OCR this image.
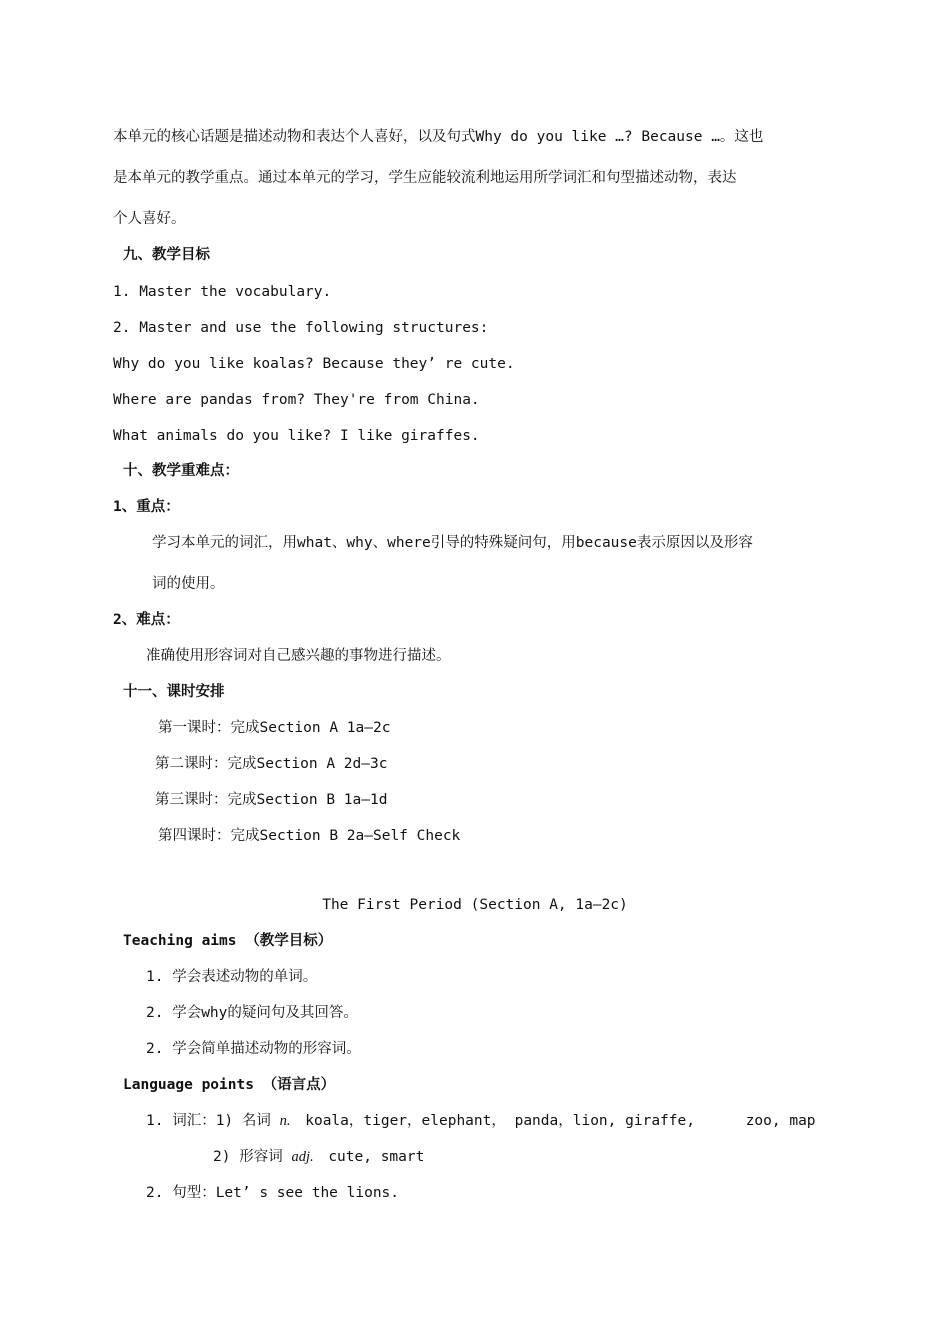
本单元的核心话题是描述动物和表达个人喜好，以及句式Why do you like …? Because …。这也
是本单元的教学重点。通过本单元的学习，学生应能较流利地运用所学词汇和句型描述动物，表达
个人喜好。
九、教学目标
1. Master the vocabulary.
2. Master and use the following structures:
Why do you like koalas? Because they’ re cute.
Where are pandas from? They're from China.
What animals do you like? I like giraffes.
十、教学重难点：
1、重点：
学习本单元的词汇，用what、why、where引导的特殊疑问句，用because表示原因以及形容
词的使用。
2、难点：
准确使用形容词对自己感兴趣的事物进行描述。
十一、课时安排
第一课时：完成Section A 1a–2c
第二课时：完成Section A 2d–3c
第三课时：完成Section B 1a–1d
第四课时：完成Section B 2a–Self Check
The First Period (Section A, 1a–2c)
Teaching aims （教学目标）
1. 学会表述动物的单词。
2. 学会why的疑问句及其回答。
2. 学会简单描述动物的形容词。
Language points （语言点）
1. 词汇：1) 名词 n. koala，tiger，elephant， panda，lion, giraffe,	zoo, map
2) 形容词 adj. cute, smart
2. 句型：Let’ s see the lions.
